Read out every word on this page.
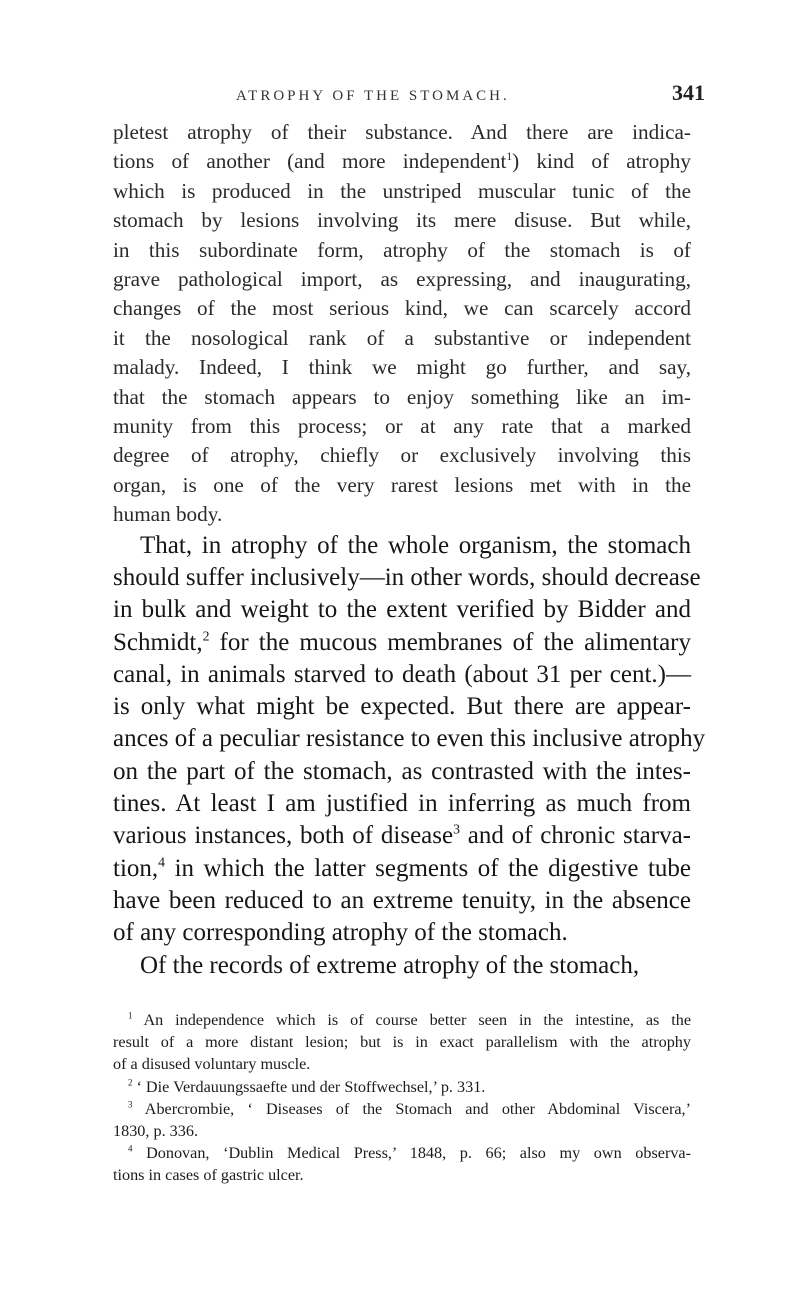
ATROPHY OF THE STOMACH.	341
pletest atrophy of their substance. And there are indica-
tions of another (and more independent$^1$) kind of atrophy
which is produced in the unstriped muscular tunic of the
stomach by lesions involving its mere disuse. But while,
in this subordinate form, atrophy of the stomach is of
grave pathological import, as expressing, and inaugurating,
changes of the most serious kind, we can scarcely accord
it the nosological rank of a substantive or independent
malady. Indeed, I think we might go further, and say,
that the stomach appears to enjoy something like an im-
munity from this process; or at any rate that a marked
degree of atrophy, chiefly or exclusively involving this
organ, is one of the very rarest lesions met with in the
human body.
That, in atrophy of the whole organism, the stomach
should suffer inclusively—in other words, should decrease
in bulk and weight to the extent verified by Bidder and
Schmidt,$^2$ for the mucous membranes of the alimentary
canal, in animals starved to death (about 31 per cent.)—
is only what might be expected. But there are appear-
ances of a peculiar resistance to even this inclusive atrophy
on the part of the stomach, as contrasted with the intes-
tines. At least I am justified in inferring as much from
various instances, both of disease$^3$ and of chronic starva-
tion,$^4$ in which the latter segments of the digestive tube
have been reduced to an extreme tenuity, in the absence
of any corresponding atrophy of the stomach.
Of the records of extreme atrophy of the stomach,
$^1$ An independence which is of course better seen in the intestine, as the
result of a more distant lesion; but is in exact parallelism with the atrophy
of a disused voluntary muscle.
$^2$ ‘ Die Verdauungssaefte und der Stoffwechsel,’ p. 331.
$^3$ Abercrombie, ‘ Diseases of the Stomach and other Abdominal Viscera,’
1830, p. 336.
$^4$ Donovan, ‘Dublin Medical Press,’ 1848, p. 66; also my own observa-
tions in cases of gastric ulcer.
